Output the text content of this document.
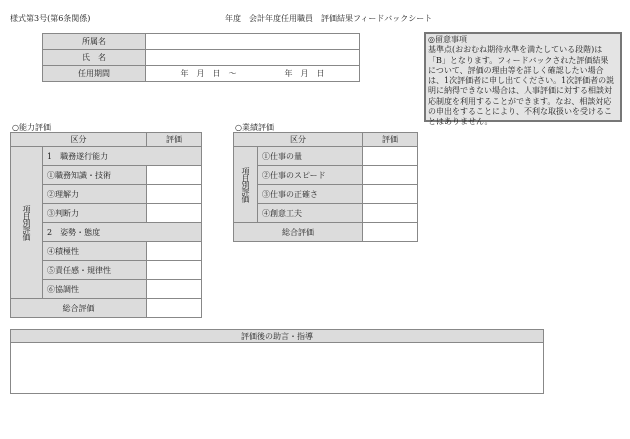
様式第3号(第6条関係)	年度　会計年度任用職員　評価結果フィードバックシート
所属名	
氏　名	
任用期間	年　月　日　～　　　　　　年　月　日
◎留意事項
基準点(おおむね期待水準を満たしている段階)は
「B」となります。フィードバックされた評価結果
について、評価の理由等を詳しく確認したい場合
は、1次評価者に申し出てください。1次評価者の説
明に納得できない場合は、人事評価に対する相談対
応制度を利用することができます。なお、相談対応
の申出をすることにより、不利な取扱いを受けるこ
とはありません。
○能力評価
区分		評価
項目別評価	1　職務遂行能力	
	①職務知識・技術	
	②理解力	
	③判断力	
	2　姿勢・態度	
	④積極性	
	⑤責任感・規律性	
	⑥協調性	
総合評価		
○業績評価
区分		評価
項目別評価	①仕事の量	
	②仕事のスピード	
	③仕事の正確さ	
	④創意工夫	
総合評価		
評価後の助言・指導
